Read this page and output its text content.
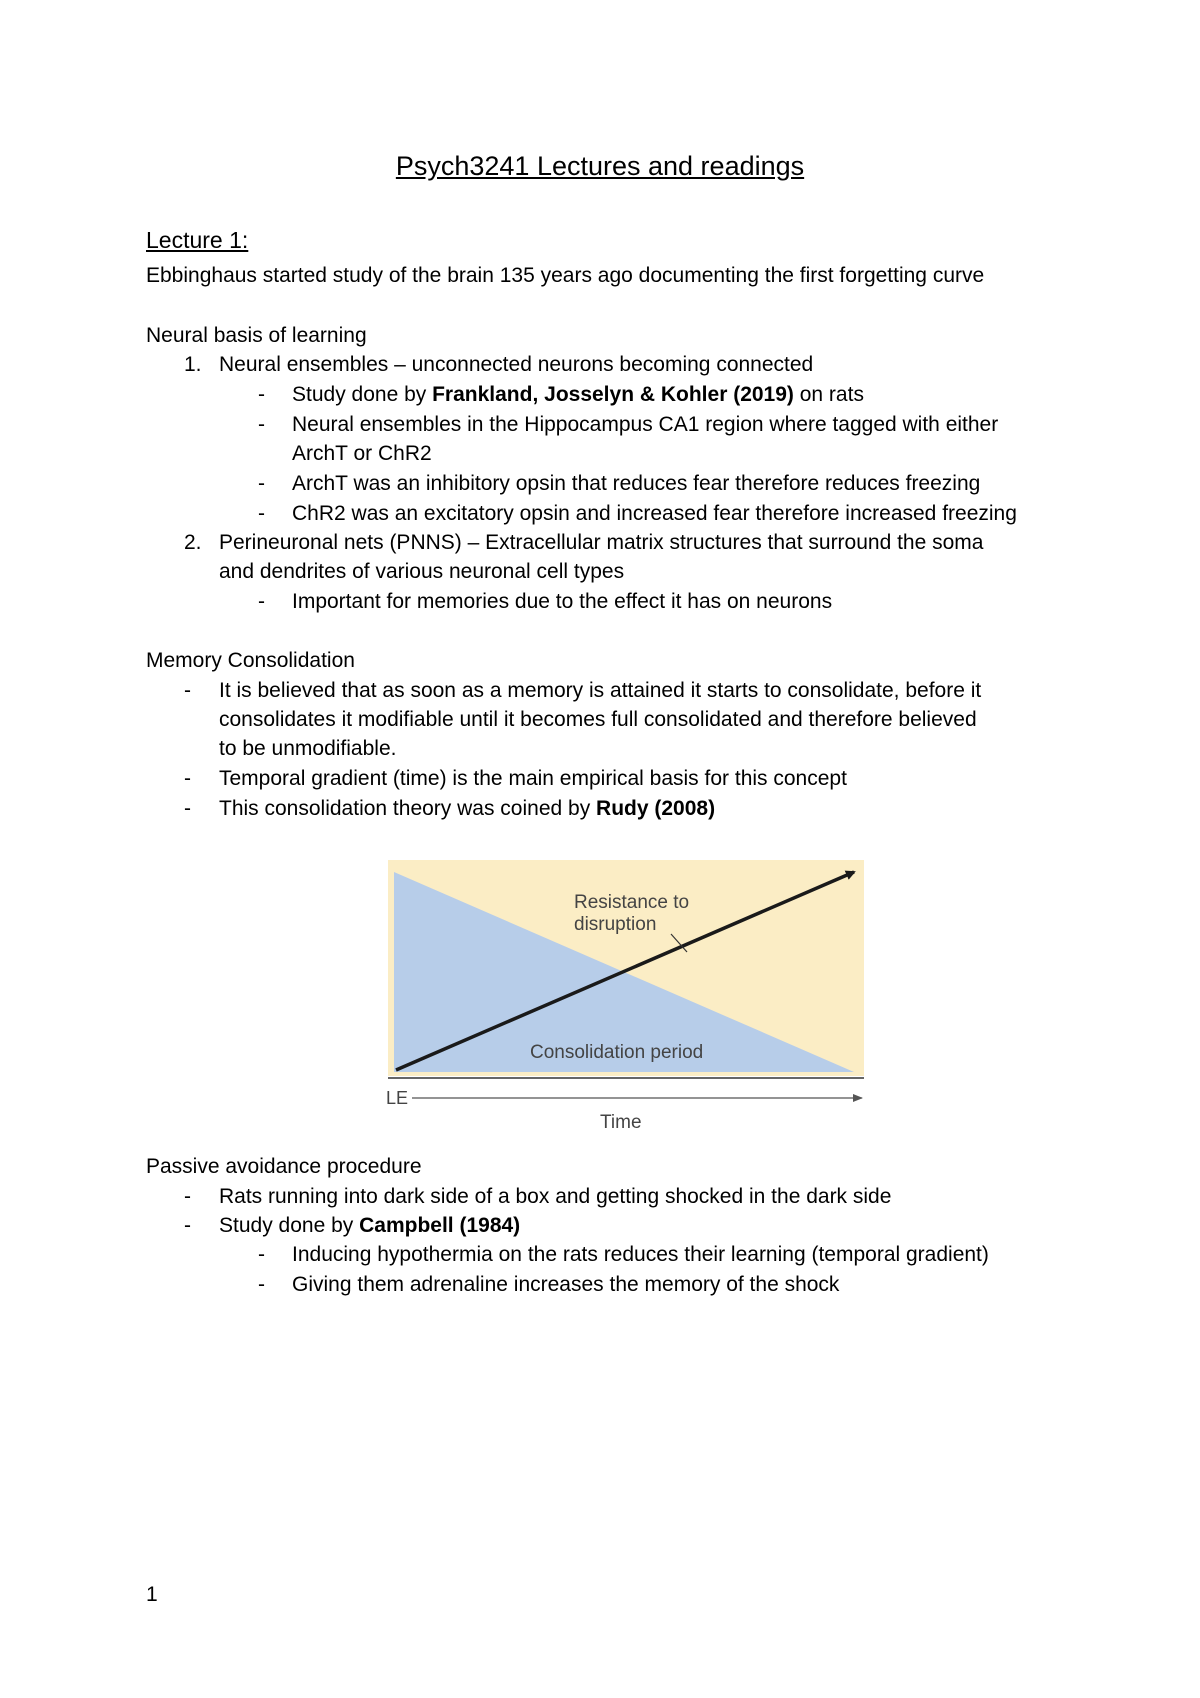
Psych3241 Lectures and readings
Lecture 1:
Ebbinghaus started study of the brain 135 years ago documenting the first forgetting curve
Neural basis of learning
1. Neural ensembles – unconnected neurons becoming connected
- Study done by Frankland, Josselyn & Kohler (2019) on rats
- Neural ensembles in the Hippocampus CA1 region where tagged with either
ArchT or ChR2
- ArchT was an inhibitory opsin that reduces fear therefore reduces freezing
- ChR2 was an excitatory opsin and increased fear therefore increased freezing
2. Perineuronal nets (PNNS) – Extracellular matrix structures that surround the soma
and dendrites of various neuronal cell types
- Important for memories due to the effect it has on neurons
Memory Consolidation
- It is believed that as soon as a memory is attained it starts to consolidate, before it
consolidates it modifiable until it becomes full consolidated and therefore believed
to be unmodifiable.
- Temporal gradient (time) is the main empirical basis for this concept
- This consolidation theory was coined by Rudy (2008)
Resistance to
disruption
Consolidation period
LE
Time
Passive avoidance procedure
- Rats running into dark side of a box and getting shocked in the dark side
- Study done by Campbell (1984)
- Inducing hypothermia on the rats reduces their learning (temporal gradient)
- Giving them adrenaline increases the memory of the shock
1
